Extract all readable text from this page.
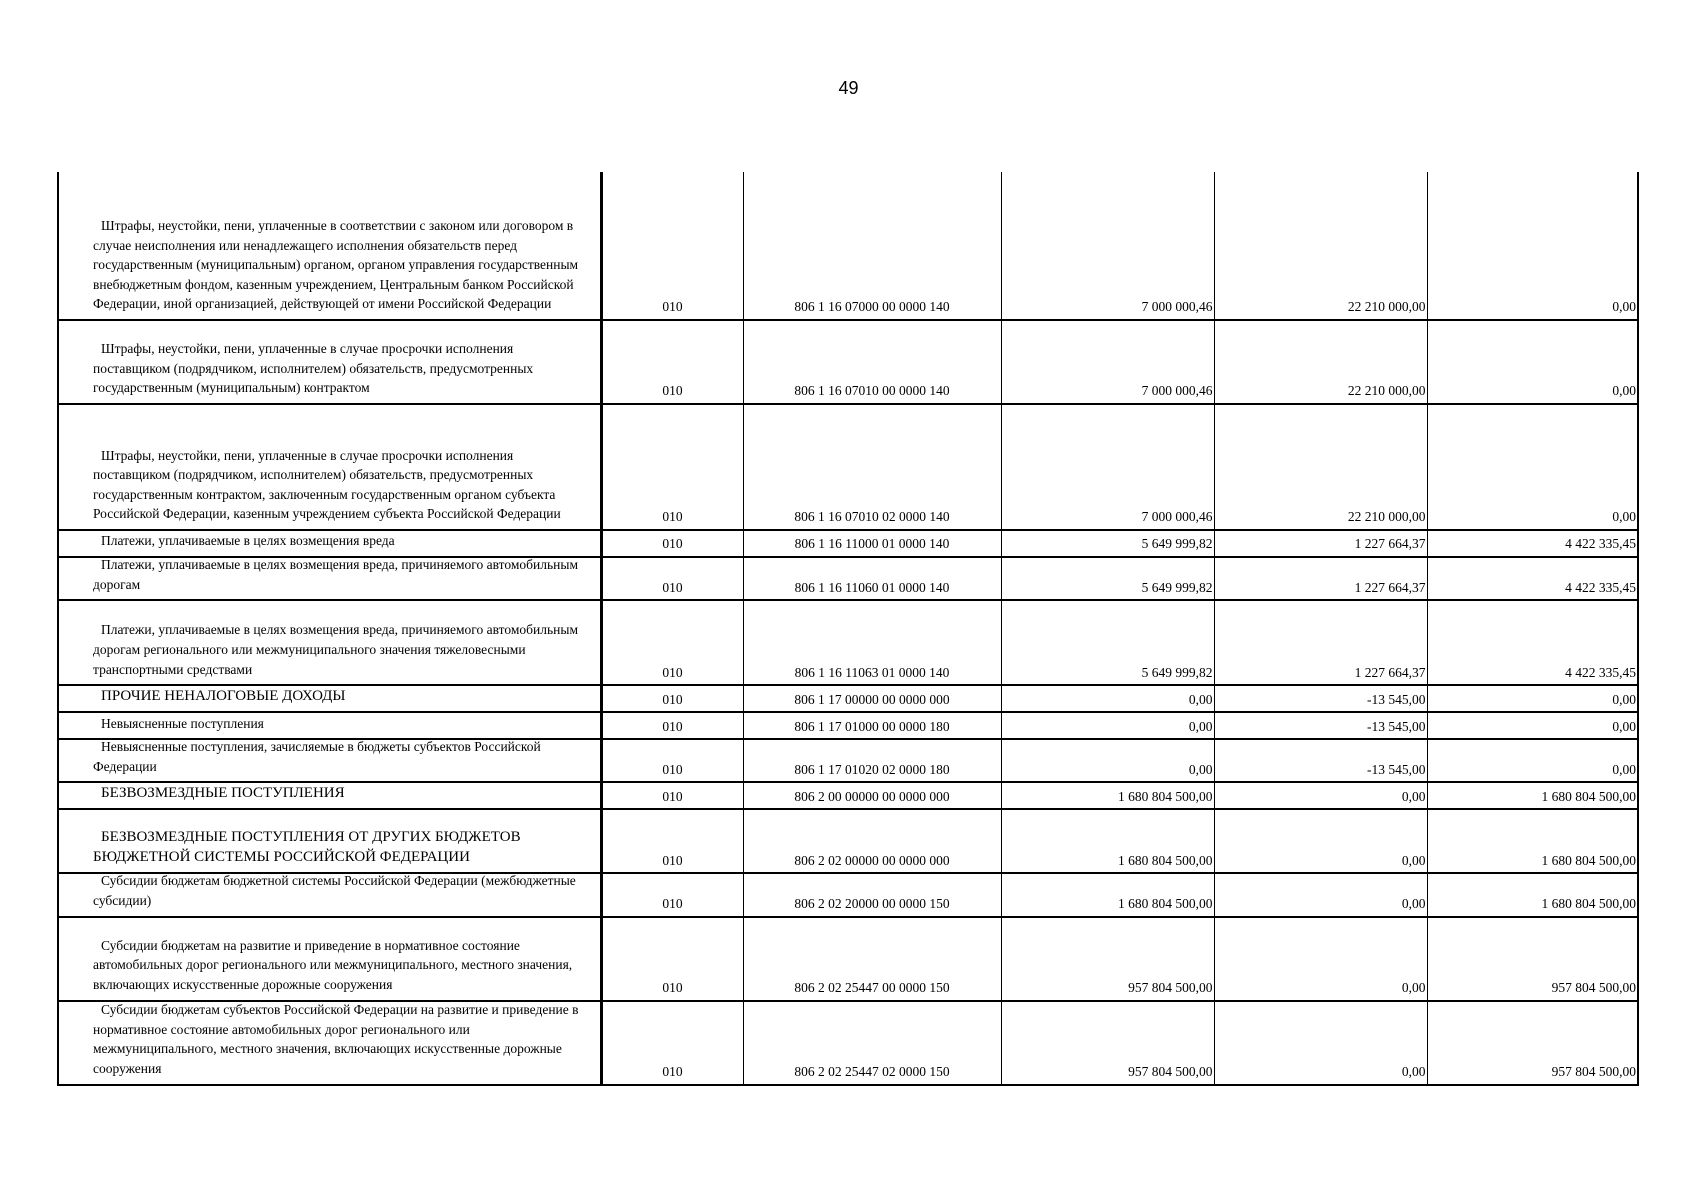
49
Штрафы, неустойки, пени, уплаченные в соответствии с законом или договором в случае неисполнения или ненадлежащего исполнения обязательств перед государственным (муниципальным) органом, органом управления государственным внебюджетным фондом, казенным учреждением, Центральным банком Российской Федерации, иной организацией, действующей от имени Российской Федерации	010	806 1 16 07000 00 0000 140	7 000 000,46	22 210 000,00	0,00

Штрафы, неустойки, пени, уплаченные в случае просрочки исполнения поставщиком (подрядчиком, исполнителем) обязательств, предусмотренных государственным (муниципальным) контрактом	010	806 1 16 07010 00 0000 140	7 000 000,46	22 210 000,00	0,00

Штрафы, неустойки, пени, уплаченные в случае просрочки исполнения поставщиком (подрядчиком, исполнителем) обязательств, предусмотренных государственным контрактом, заключенным государственным органом субъекта Российской Федерации, казенным учреждением субъекта Российской Федерации	010	806 1 16 07010 02 0000 140	7 000 000,46	22 210 000,00	0,00

Платежи, уплачиваемые в целях возмещения вреда	010	806 1 16 11000 01 0000 140	5 649 999,82	1 227 664,37	4 422 335,45

Платежи, уплачиваемые в целях возмещения вреда, причиняемого автомобильным дорогам	010	806 1 16 11060 01 0000 140	5 649 999,82	1 227 664,37	4 422 335,45

Платежи, уплачиваемые в целях возмещения вреда, причиняемого автомобильным дорогам регионального или межмуниципального значения тяжеловесными транспортными средствами	010	806 1 16 11063 01 0000 140	5 649 999,82	1 227 664,37	4 422 335,45

ПРОЧИЕ НЕНАЛОГОВЫЕ ДОХОДЫ	010	806 1 17 00000 00 0000 000	0,00	-13 545,00	0,00

Невыясненные поступления	010	806 1 17 01000 00 0000 180	0,00	-13 545,00	0,00

Невыясненные поступления, зачисляемые в бюджеты субъектов Российской Федерации	010	806 1 17 01020 02 0000 180	0,00	-13 545,00	0,00

БЕЗВОЗМЕЗДНЫЕ ПОСТУПЛЕНИЯ	010	806 2 00 00000 00 0000 000	1 680 804 500,00	0,00	1 680 804 500,00

БЕЗВОЗМЕЗДНЫЕ ПОСТУПЛЕНИЯ ОТ ДРУГИХ БЮДЖЕТОВ БЮДЖЕТНОЙ СИСТЕМЫ РОССИЙСКОЙ ФЕДЕРАЦИИ	010	806 2 02 00000 00 0000 000	1 680 804 500,00	0,00	1 680 804 500,00

Субсидии бюджетам бюджетной системы Российской Федерации (межбюджетные субсидии)	010	806 2 02 20000 00 0000 150	1 680 804 500,00	0,00	1 680 804 500,00

Субсидии бюджетам на развитие и приведение в нормативное состояние автомобильных дорог регионального или межмуниципального, местного значения, включающих искусственные дорожные сооружения	010	806 2 02 25447 00 0000 150	957 804 500,00	0,00	957 804 500,00

Субсидии бюджетам субъектов Российской Федерации на развитие и приведение в нормативное состояние автомобильных дорог регионального или межмуниципального, местного значения, включающих искусственные дорожные сооружения	010	806 2 02 25447 02 0000 150	957 804 500,00	0,00	957 804 500,00
